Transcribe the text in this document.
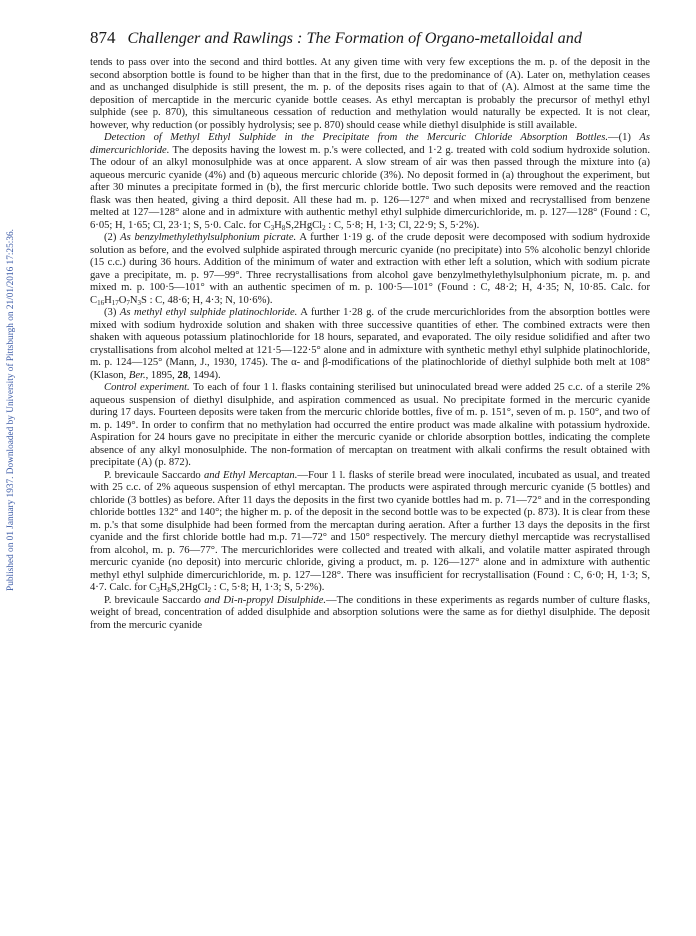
Published on 01 January 1937. Downloaded by University of Pittsburgh on 21/01/2016 17:25:36.
874 Challenger and Rawlings : The Formation of Organo-metalloidal and

tends to pass over into the second and third bottles. At any given time with very few exceptions the m. p. of the deposit in the second absorption bottle is found to be higher than that in the first, due to the predominance of (A). Later on, methylation ceases and as unchanged disulphide is still present, the m. p. of the deposits rises again to that of (A). Almost at the same time the deposition of mercaptide in the mercuric cyanide bottle ceases. As ethyl mercaptan is probably the precursor of methyl ethyl sulphide (see p. 870), this simultaneous cessation of reduction and methylation would naturally be expected. It is not clear, however, why reduction (or possibly hydrolysis; see p. 870) should cease while diethyl disulphide is still available.

Detection of Methyl Ethyl Sulphide in the Precipitate from the Mercuric Chloride Absorption Bottles.—(1) As dimercurichloride. The deposits having the lowest m. p.'s were collected, and 1·2 g. treated with cold sodium hydroxide solution. The odour of an alkyl monosulphide was at once apparent. A slow stream of air was then passed through the mixture into (a) aqueous mercuric cyanide (4%) and (b) aqueous mercuric chloride (3%). No deposit formed in (a) throughout the experiment, but after 30 minutes a precipitate formed in (b), the first mercuric chloride bottle. Two such deposits were removed and the reaction flask was then heated, giving a third deposit. All these had m. p. 126—127° and when mixed and recrystallised from benzene melted at 127—128° alone and in admixture with authentic methyl ethyl sulphide dimercurichloride, m. p. 127—128° (Found : C, 6·05; H, 1·65; Cl, 23·1; S, 5·0. Calc. for $C_3H_8S,2HgCl_2$ : C, 5·8; H, 1·3; Cl, 22·9; S, 5·2%).

(2) As benzylmethylethylsulphonium picrate. A further 1·19 g. of the crude deposit were decomposed with sodium hydroxide solution as before, and the evolved sulphide aspirated through mercuric cyanide (no precipitate) into 5% alcoholic benzyl chloride (15 c.c.) during 36 hours. Addition of the minimum of water and extraction with ether left a solution, which with sodium picrate gave a precipitate, m. p. 97—99°. Three recrystallisations from alcohol gave benzylmethylethylsulphonium picrate, m. p. and mixed m. p. 100·5—101° with an authentic specimen of m. p. 100·5—101° (Found : C, 48·2; H, 4·35; N, 10·85. Calc. for $C_{16}H_{17}O_7N_3S$ : C, 48·6; H, 4·3; N, 10·6%).

(3) As methyl ethyl sulphide platinochloride. A further 1·28 g. of the crude mercurichlorides from the absorption bottles were mixed with sodium hydroxide solution and shaken with three successive quantities of ether. The combined extracts were then shaken with aqueous potassium platinochloride for 18 hours, separated, and evaporated. The oily residue solidified and after two crystallisations from alcohol melted at 121·5—122·5° alone and in admixture with synthetic methyl ethyl sulphide platinochloride, m. p. 124—125° (Mann, J., 1930, 1745). The α- and β-modifications of the platinochloride of diethyl sulphide both melt at 108° (Klason, Ber., 1895, 28, 1494).

Control experiment. To each of four 1 l. flasks containing sterilised but uninoculated bread were added 25 c.c. of a sterile 2% aqueous suspension of diethyl disulphide, and aspiration commenced as usual. No precipitate formed in the mercuric cyanide during 17 days. Fourteen deposits were taken from the mercuric chloride bottles, five of m. p. 151°, seven of m. p. 150°, and two of m. p. 149°. In order to confirm that no methylation had occurred the entire product was made alkaline with potassium hydroxide. Aspiration for 24 hours gave no precipitate in either the mercuric cyanide or chloride absorption bottles, indicating the complete absence of any alkyl monosulphide. The non-formation of mercaptan on treatment with alkali confirms the result obtained with precipitate (A) (p. 872).

P. brevicaule Saccardo and Ethyl Mercaptan.—Four 1 l. flasks of sterile bread were inoculated, incubated as usual, and treated with 25 c.c. of 2% aqueous suspension of ethyl mercaptan. The products were aspirated through mercuric cyanide (5 bottles) and chloride (3 bottles) as before. After 11 days the deposits in the first two cyanide bottles had m. p. 71—72° and in the corresponding chloride bottles 132° and 140°; the higher m. p. of the deposit in the second bottle was to be expected (p. 873). It is clear from these m. p.'s that some disulphide had been formed from the mercaptan during aeration. After a further 13 days the deposits in the first cyanide and the first chloride bottle had m.p. 71—72° and 150° respectively. The mercury diethyl mercaptide was recrystallised from alcohol, m. p. 76—77°. The mercurichlorides were collected and treated with alkali, and volatile matter aspirated through mercuric cyanide (no deposit) into mercuric chloride, giving a product, m. p. 126—127° alone and in admixture with authentic methyl ethyl sulphide dimercurichloride, m. p. 127—128°. There was insufficient for recrystallisation (Found : C, 6·0; H, 1·3; S, 4·7. Calc. for $C_3H_8S,2HgCl_2$ : C, 5·8; H, 1·3; S, 5·2%).

P. brevicaule Saccardo and Di-n-propyl Disulphide.—The conditions in these experiments as regards number of culture flasks, weight of bread, concentration of added disulphide and absorption solutions were the same as for diethyl disulphide. The deposit from the mercuric cyanide
